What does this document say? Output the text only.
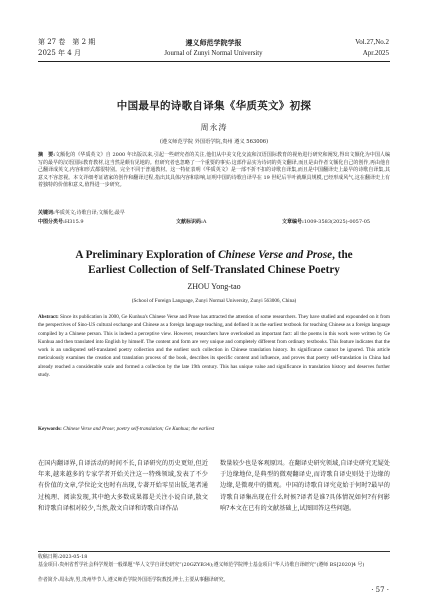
第 27 卷　第 2 期
2025 年 4 月
遵义师范学院学报
Journal of Zunyi Normal University
Vol.27,No.2
Apr.2025
中国最早的诗歌自译集《华质英文》初探
周永涛
(遵义师范学院 外国语学院,贵州 遵义 563006)
摘　要:文额化的《华质英文》自 2000 年出版以来,引起一些研究者的关注,他们从中美文化交流和汉语国际教育的视角进行研究和阐发,得出文额化为中国人编写的最早的汉语国际教育教材,这当然是颇有见地的。但研究者也忽略了一个重要的事实:这部作品实为诗词的英文翻译,而且是由作者文额化自己的创作,再由他自己翻译成英文,内容和形式都很特别。完全不同于普通教材。这一特征表明《华质英文》是一部不折不扣的诗歌自译集,而且是中国翻译史上最早的诗歌自译集,其意义不容忽视。本文详细考证诸家的创作和翻译过程,指出其具体内容和影响,证明中国的诗歌自译早在 19 世纪后半叶就颇具规模,已经形成风气,这在翻译史上有着独特的价值和意义,值得进一步研究。
关键词:华质英文;诗歌自译;文额化;最早
中图分类号:H315.9	文献标识码:A	文章编号:1009-3583(2025)-0057-05
A Preliminary Exploration of Chinese Verse and Prose, the
Earliest Collection of Self-Translated Chinese Poetry
ZHOU Yong-tao
(School of Foreign Language, Zunyi Normal University, Zunyi 563006, China)
Abstract: Since its publication in 2000, Ge Kunhua's Chinese Verse and Prose has attracted the attention of some researchers. They have studied and expounded on it from the perspectives of Sino-US cultural exchange and Chinese as a foreign language teaching, and defined it as the earliest textbook for teaching Chinese as a foreign language compiled by a Chinese person. This is indeed a perceptive view. However, researchers have overlooked an important fact: all the poems in this work were written by Ge Kunhua and then translated into English by himself. The content and form are very unique and completely different from ordinary textbooks. This feature indicates that the work is an undisputed self-translated poetry collection and the earliest such collection in Chinese translation history. Its significance cannot be ignored. This article meticulously examines the creation and translation process of the book, describes its specific content and influence, and proves that poetry self-translation in China had already reached a considerable scale and formed a collection by the late 19th century. This has unique value and significance in translation history and deserves further study.
Keywords: Chinese Verse and Prose; poetry self-translation; Ge Kunhua; the earliest
在国内翻译界,自译活动的时间不长,自译研究的历史更短,但近年来,越来越多的专家学者开始关注这一特殊领域,发表了不少有价值的文章,学位论文也时有出现,专著开始零星出版,笔者通过梳理、阅读发现,其中绝大多数成果都是关注小说自译,散文和诗歌自译相对较少,当然,散文自译和诗歌自译作品
数量较少也是客观原因。在翻译史研究领域,自译史研究无疑处于边缘地位,是典型的微观翻译史,而诗歌自译史则处于边缘的边缘,是微观中的微观。中国的诗歌自译究竟始于何时?最早的诗歌自译集出现在什么时候?译者是谁?具体情况如何?有何影响?本文在已有的文献基础上,试图回答这些问题。
收稿日期:2023-05-18
基金项目:贵州省哲学社会科学规划一般课题“华人文学自译史研究”(20GZYB34);遵义师范学院博士基金项目“华人诗歌自译研究”(遵师 BS[2020]4 号)
作者简介:周永涛,男,贵州毕节人,遵义师范学院外国语学院教授,博士,主要从事翻译研究。
· 57 ·
